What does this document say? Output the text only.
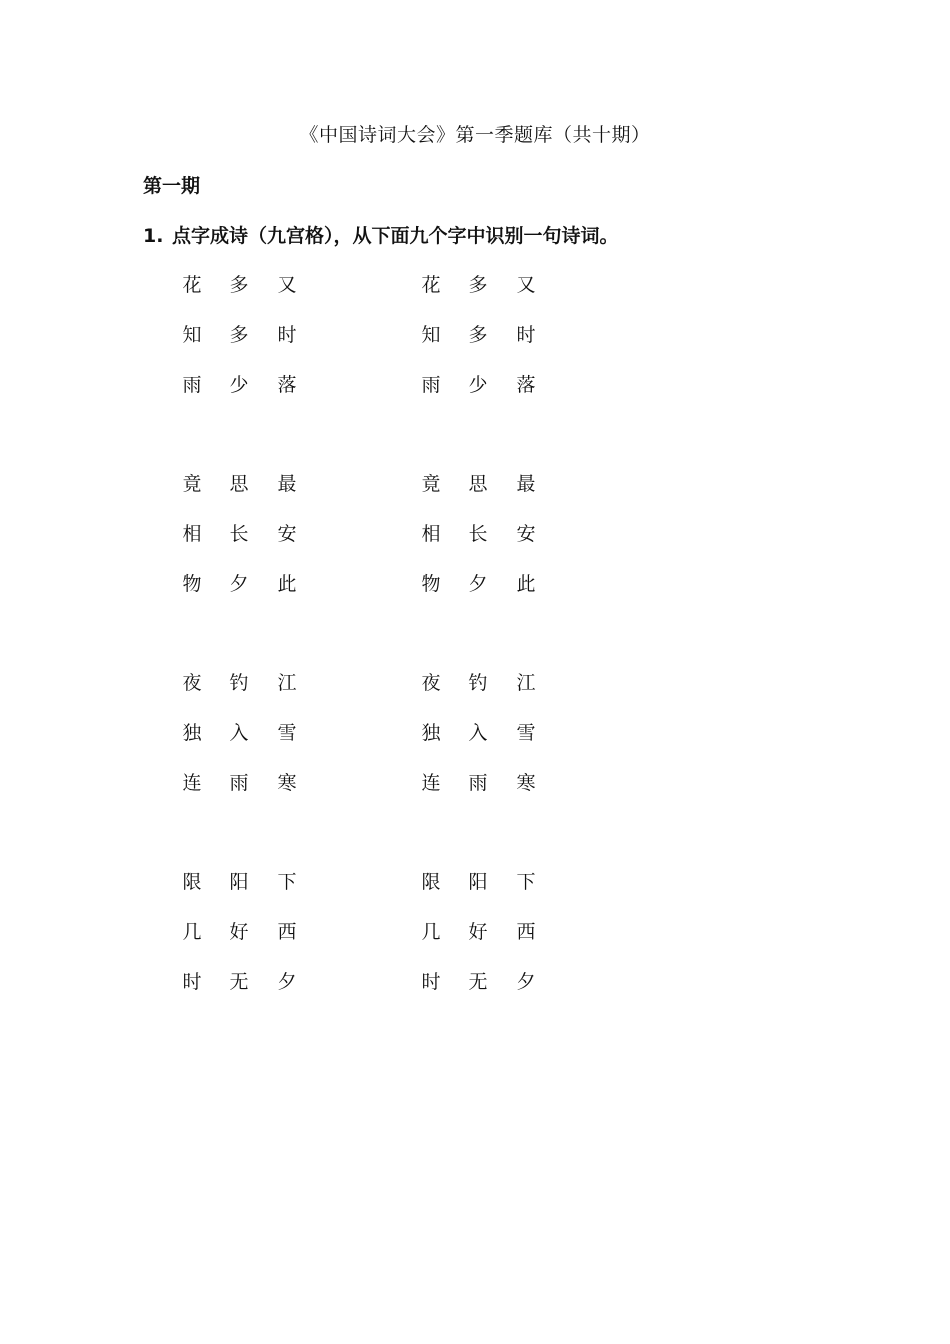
《中国诗词大会》第一季题库（共十期）
第一期
1. 点字成诗（九宫格），从下面九个字中识别一句诗词。
花 多 又
知 多 时
雨 少 落
花 多 又
知 多 时
雨 少 落
竟 思 最
相 长 安
物 夕 此
竟 思 最
相 长 安
物 夕 此
夜 钓 江
独 入 雪
连 雨 寒
夜 钓 江
独 入 雪
连 雨 寒
限 阳 下
几 好 西
时 无 夕
限 阳 下
几 好 西
时 无 夕
